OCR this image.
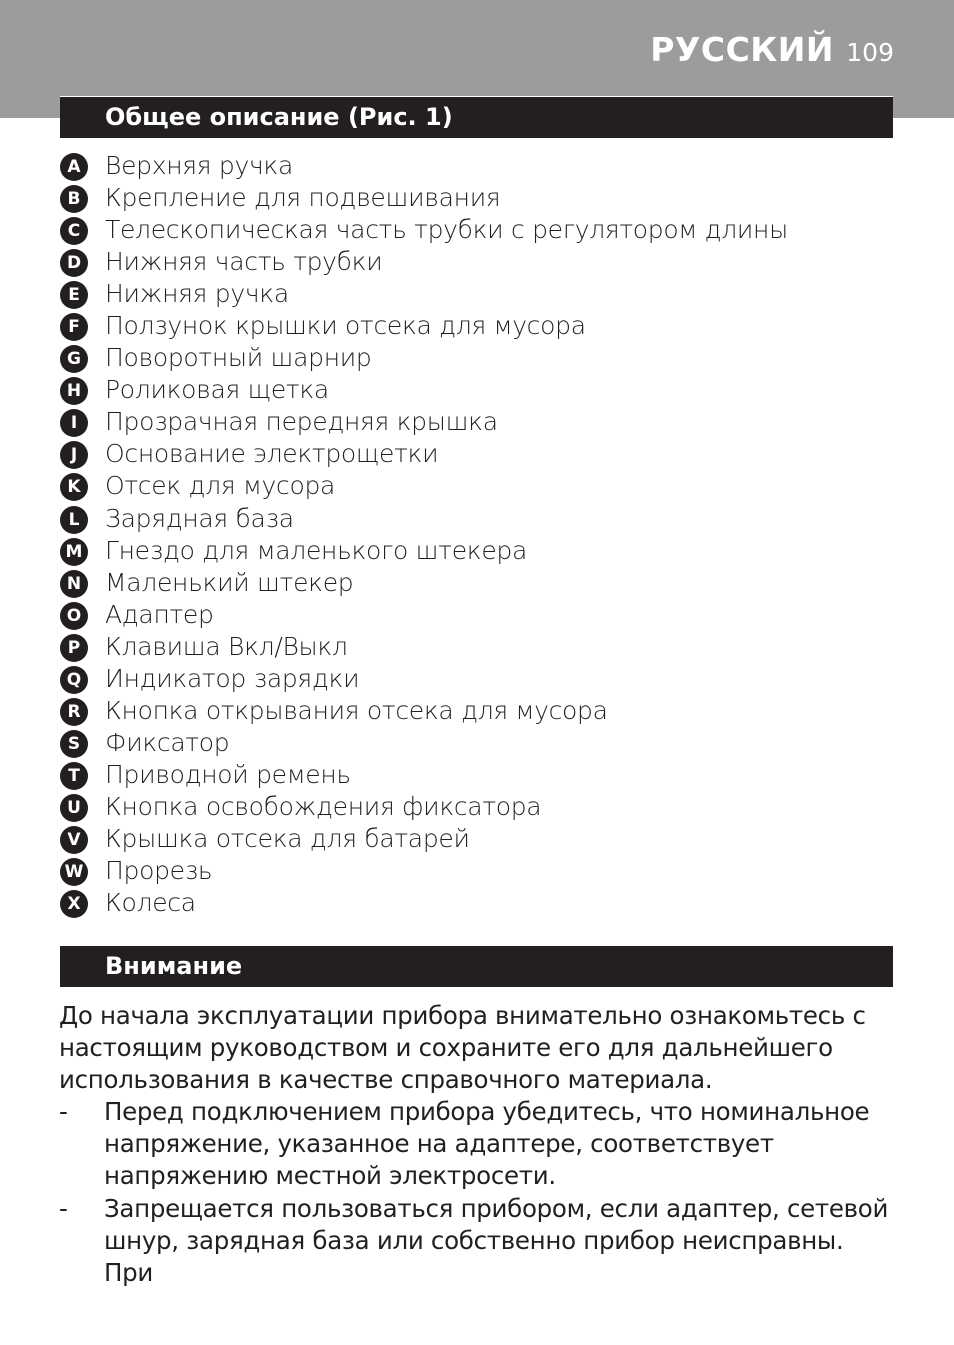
РУССКИЙ 109
Общее описание (Рис. 1)
A Верхняя ручка
B Крепление для подвешивания
C Телескопическая часть трубки с регулятором длины
D Нижняя часть трубки
E	Нижняя ручка
F	Ползунок крышки отсека для мусора
G Поворотный шарнир
H Роликовая щетка
I	Прозрачная передняя крышка
J	Основание электрощетки
K Отсек для мусора
L	Зарядная база
M Гнездо для маленького штекера
N Маленький штекер
O Адаптер
P Клавиша Вкл/Выкл
Q Индикатор зарядки
R Кнопка открывания отсека для мусора
S Фиксатор
T	Приводной ремень
U Кнопка освобождения фиксатора
V Крышка отсека для батарей
W Прорезь
X Колеса
Внимание

До начала эксплуатации прибора внимательно ознакомьтесь с настоящим руководством и сохраните его для дальнейшего использования в качестве справочного материала.

- Перед подключением прибора убедитесь, что номинальное напряжение, указанное на адаптере, соответствует напряжению местной электросети.
- Запрещается пользоваться прибором, если адаптер, сетевой шнур, зарядная база или собственно прибор неисправны. При
